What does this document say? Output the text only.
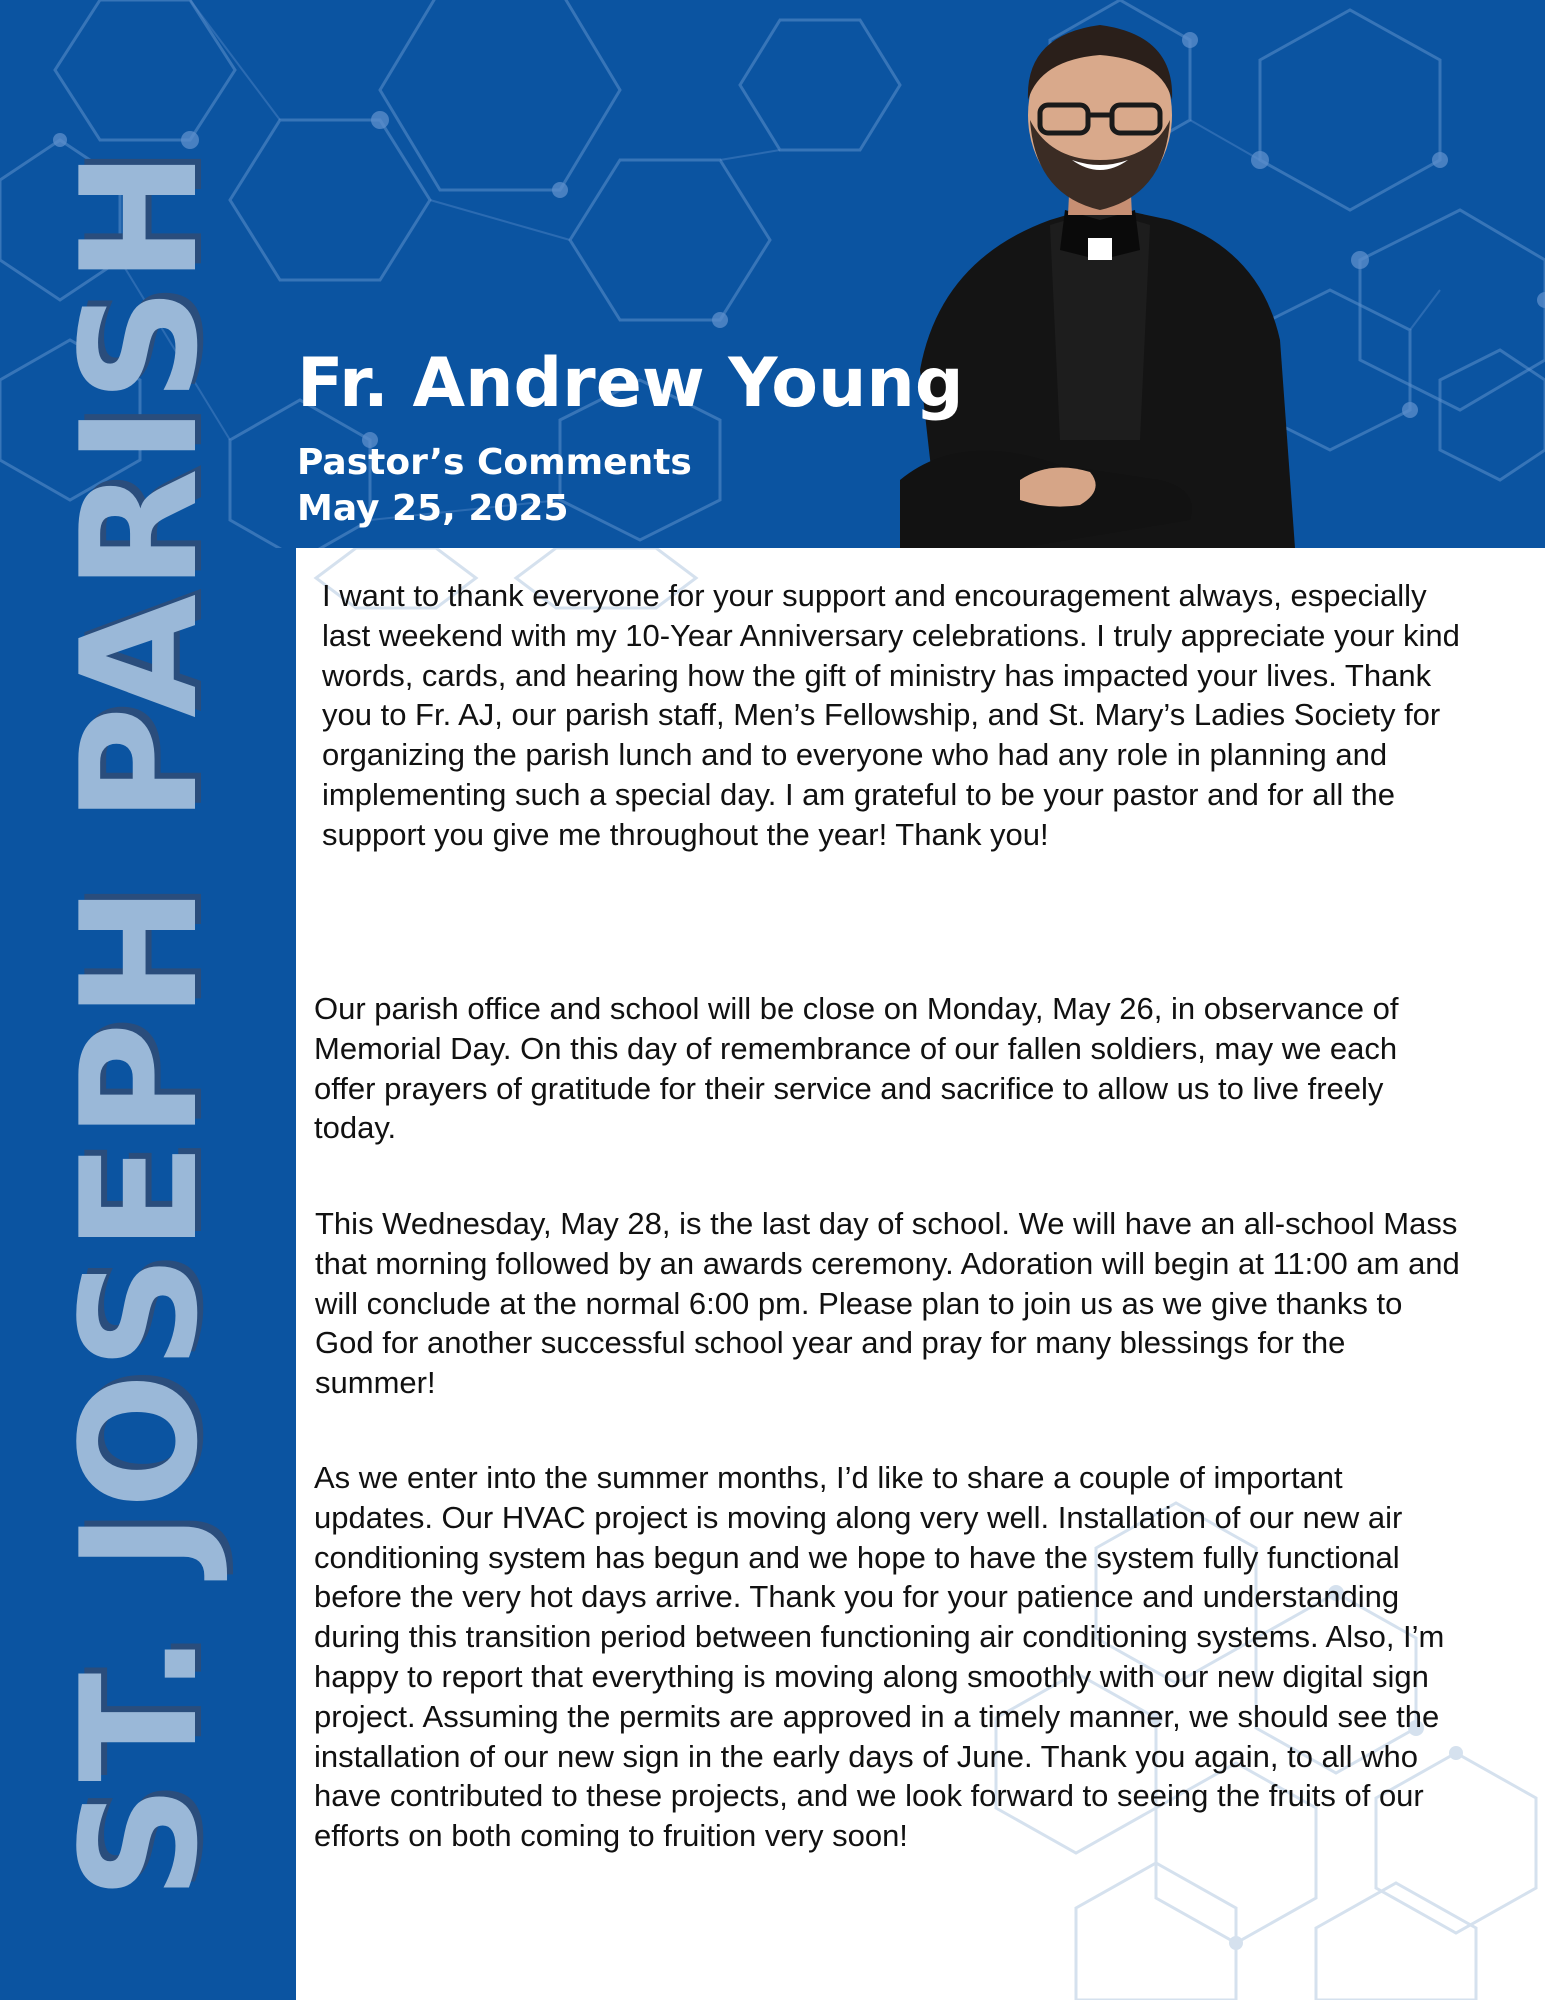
Fr. Andrew Young
Pastor’s Comments
May 25, 2025
ST. JOSEPH PARISH	I want to thank everyone for your support and encouragement always, especially last weekend with my 10-Year Anniversary celebrations. I truly appreciate your kind words, cards, and hearing how the gift of ministry has impacted your lives. Thank you to Fr. AJ, our parish staff, Men’s Fellowship, and St. Mary’s Ladies Society for organizing the parish lunch and to everyone who had any role in planning and implementing such a special day. I am grateful to be your pastor and for all the support you give me throughout the year! Thank you!

Our parish office and school will be close on Monday, May 26, in observance of Memorial Day. On this day of remembrance of our fallen soldiers, may we each offer prayers of gratitude for their service and sacrifice to allow us to live freely today.

This Wednesday, May 28, is the last day of school. We will have an all-school Mass that morning followed by an awards ceremony. Adoration will begin at 11:00 am and will conclude at the normal 6:00 pm. Please plan to join us as we give thanks to God for another successful school year and pray for many blessings for the summer!

As we enter into the summer months, I’d like to share a couple of important updates. Our HVAC project is moving along very well. Installation of our new air conditioning system has begun and we hope to have the system fully functional before the very hot days arrive. Thank you for your patience and understanding during this transition period between functioning air conditioning systems. Also, I’m happy to report that everything is moving along smoothly with our new digital sign project. Assuming the permits are approved in a timely manner, we should see the installation of our new sign in the early days of June. Thank you again, to all who have contributed to these projects, and we look forward to seeing the fruits of our efforts on both coming to fruition very soon!
